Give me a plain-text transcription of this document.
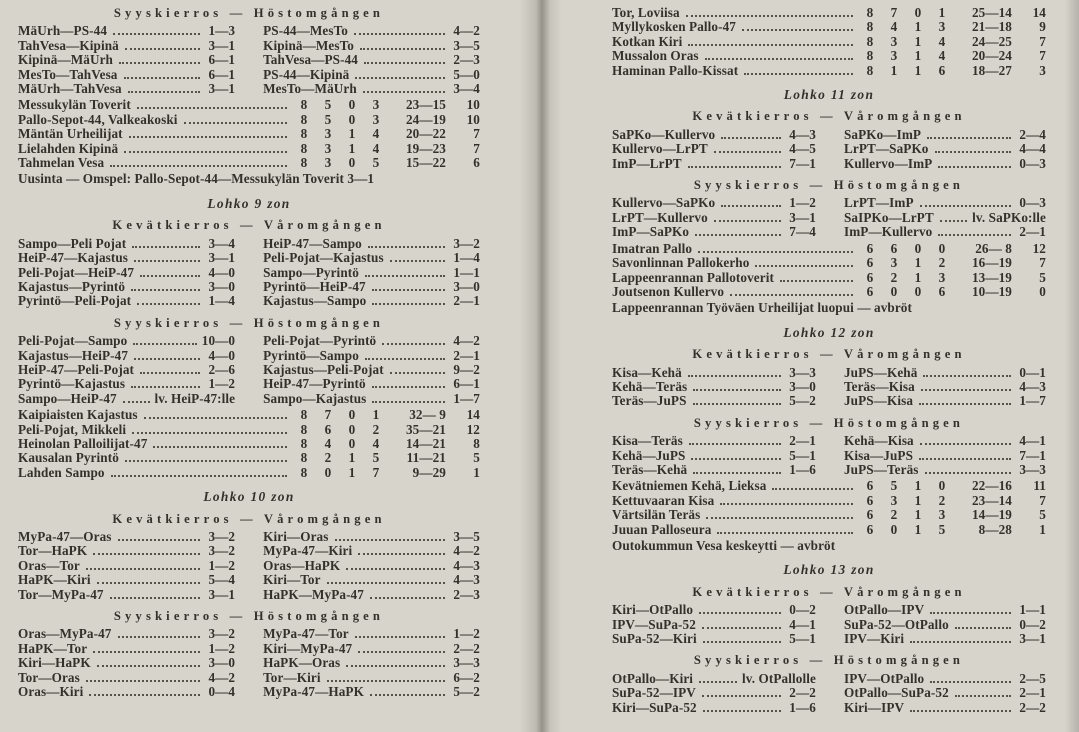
Syyskierros — Höstomgången
MäUrh—PS-44	1—3 PS-44—MesTo	4—2
TahVesa—Kipinä	3—1 Kipinä—MesTo	3—5
Kipinä—MäUrh	6—1 TahVesa—PS-44	2—3
MesTo—TahVesa	6—1 PS-44—Kipinä	5—0
MäUrh—TahVesa	3—1 MesTo—MäUrh	3—4
Messukylän Toverit	8	5	0	3	23—15	10
Pallo-Sepot-44, Valkeakoski	8	5	0	3	24—19	10
Mäntän Urheilijat	8	3	1	4	20—22	7
Lielahden Kipinä	8	3	1	4	19—23	7
Tahmelan Vesa	8	3	0	5	15—22	6
Uusinta — Omspel: Pallo-Sepot-44—Messukylän Toverit 3—1
Lohko 9 zon
Kevätkierros — Våromgången
Sampo—Peli Pojat	3—4 HeiP-47—Sampo	3—2
HeiP-47—Kajastus	3—1 Peli-Pojat—Kajastus	1—4
Peli-Pojat—HeiP-47	4—0 Sampo—Pyrintö	1—1
Kajastus—Pyrintö	3—0 Pyrintö—HeiP-47	3—0
Pyrintö—Peli-Pojat	1—4 Kajastus—Sampo	2—1
Syyskierros — Höstomgången
Peli-Pojat—Sampo	10—0 Peli-Pojat—Pyrintö	4—2
Kajastus—HeiP-47	4—0 Pyrintö—Sampo	2—1
HeiP-47—Peli-Pojat	2—6 Kajastus—Peli-Pojat	9—2
Pyrintö—Kajastus	1—2 HeiP-47—Pyrintö	6—1
Sampo—HeiP-47	lv. HeiP-47:lle Sampo—Kajastus	1—7
Kaipiaisten Kajastus	8	7	0	1	32— 9	14
Peli-Pojat, Mikkeli	8	6	0	2	35—21	12
Heinolan Palloilijat-47	8	4	0	4	14—21	8
Kausalan Pyrintö	8	2	1	5	11—21	5
Lahden Sampo	8	0	1	7	9—29	1
Lohko 10 zon
Kevätkierros — Våromgången
MyPa-47—Oras	3—2 Kiri—Oras	3—5
Tor—HaPK	3—2 MyPa-47—Kiri	4—2
Oras—Tor	1—2 Oras—HaPK	4—3
HaPK—Kiri	5—4 Kiri—Tor	4—3
Tor—MyPa-47	3—1 HaPK—MyPa-47	2—3
Syyskierros — Höstomgången
Oras—MyPa-47	3—2 MyPa-47—Tor	1—2
HaPK—Tor	1—2 Kiri—MyPa-47	2—2
Kiri—HaPK	3—0 HaPK—Oras	3—3
Tor—Oras	4—2 Tor—Kiri	6—2
Oras—Kiri	0—4 MyPa-47—HaPK	5—2
Tor, Loviisa	8	7	0	1	25—14	14
Myllykosken Pallo-47	8	4	1	3	21—18	9
Kotkan Kiri	8	3	1	4	24—25	7
Mussalon Oras	8	3	1	4	20—24	7
Haminan Pallo-Kissat	8	1	1	6	18—27	3
Lohko 11 zon
Kevätkierros — Våromgången
SaPKo—Kullervo	4—3 SaPKo—ImP	2—4
Kullervo—LrPT	4—5 LrPT—SaPKo	4—4
ImP—LrPT	7—1 Kullervo—ImP	0—3
Syyskierros — Höstomgången
Kullervo—SaPKo	1—2 LrPT—ImP	0—3
LrPT—Kullervo	3—1 SaIPKo—LrPT	lv. SaPKo:lle
ImP—SaPKo	7—4 ImP—Kullervo	2—1
Imatran Pallo	6	6	0	0	26— 8	12
Savonlinnan Pallokerho	6	3	1	2	16—19	7
Lappeenrannan Pallotoverit	6	2	1	3	13—19	5
Joutsenon Kullervo	6	0	0	6	10—19	0
Lappeenrannan Työväen Urheilijat luopui — avbröt
Lohko 12 zon
Kevätkierros — Våromgången
Kisa—Kehä	3—3 JuPS—Kehä	0—1
Kehä—Teräs	3—0 Teräs—Kisa	4—3
Teräs—JuPS	5—2 JuPS—Kisa	1—7
Syyskierros — Höstomgången
Kisa—Teräs	2—1 Kehä—Kisa	4—1
Kehä—JuPS	5—1 Kisa—JuPS	7—1
Teräs—Kehä	1—6 JuPS—Teräs	3—3
Kevätniemen Kehä, Lieksa	6	5	1	0	22—16	11
Kettuvaaran Kisa	6	3	1	2	23—14	7
Värtsilän Teräs	6	2	1	3	14—19	5
Juuan Palloseura	6	0	1	5	8—28	1
Outokummun Vesa keskeytti — avbröt
Lohko 13 zon
Kevätkierros — Våromgången
Kiri—OtPallo	0—2 OtPallo—IPV	1—1
IPV—SuPa-52	4—1 SuPa-52—OtPallo	0—2
SuPa-52—Kiri	5—1 IPV—Kiri	3—1
Syyskierros — Höstomgången
OtPallo—Kiri	lv. OtPallolle IPV—OtPallo	2—5
SuPa-52—IPV	2—2 OtPallo—SuPa-52	2—1
Kiri—SuPa-52	1—6 Kiri—IPV	2—2
